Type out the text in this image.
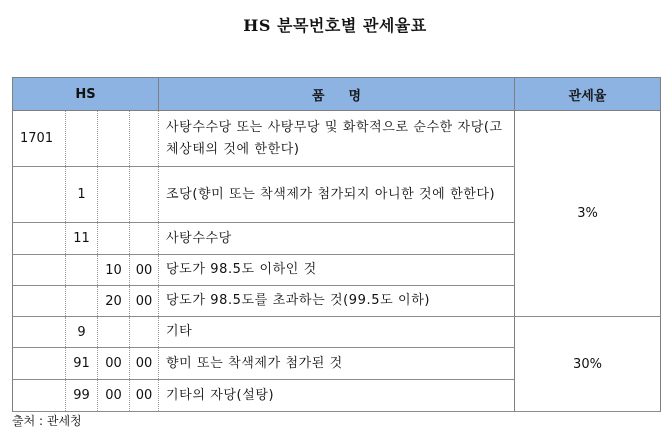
HS 분목번호별 관세율표
HS				품 명	관세율
1701				사탕수수당 또는 사탕무당 및 화학적으로 순수한 자당(고체상태의 것에 한한다)	3%
	1			조당(향미 또는 착색제가 첨가되지 아니한 것에 한한다)	
	11			사탕수수당	
		10	00	당도가 98.5도 이하인 것	
		20	00	당도가 98.5도를 초과하는 것(99.5도 이하)	
	9			기타	30%
	91	00	00	향미 또는 착색제가 첨가된 것	
	99	00	00	기타의 자당(설탕)	
출처 : 관세청
